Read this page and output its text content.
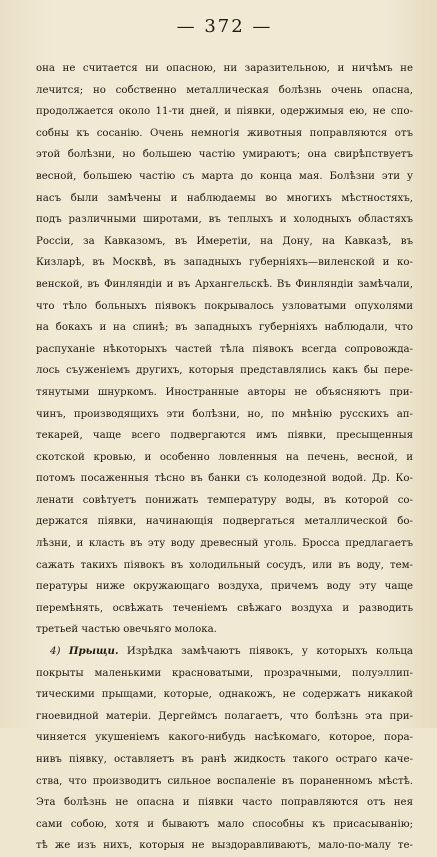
— 372 —
она не считается ни опасною, ни заразительною, и ничѣмъ не
лечится; но собственно металлическая болѣзнь очень опасна,
продолжается около 11-ти дней, и піявки, одержимыя ею, не спо-
собны къ сосанію. Очень немногія животныя поправляются отъ
этой болѣзни, но большею частію умираютъ; она свирѣпствуетъ
весной, большею частію съ марта до конца мая. Болѣзни эти у
насъ были замѣчены и наблюдаемы во многихъ мѣстностяхъ,
подъ различными широтами, въ теплыхъ и холодныхъ областяхъ
Россіи, за Кавказомъ, въ Имеретіи, на Дону, на Кавказѣ, въ
Кизларѣ, въ Москвѣ, въ западныхъ губерніяхъ—виленской и ко-
венской, въ Финляндіи и въ Архангельскѣ. Въ Финляндіи замѣчали,
что тѣло больныхъ піявокъ покрывалось узловатыми опухолями
на бокахъ и на спинѣ; въ западныхъ губерніяхъ наблюдали, что
распуханіе нѣкоторыхъ частей тѣла піявокъ всегда сопровожда-
лось съуженіемъ другихъ, которыя представлялись какъ бы пере-
тянутыми шнуркомъ. Иностранные авторы не объясняютъ при-
чинъ, производящихъ эти болѣзни, но, по мнѣнію русскихъ ап-
текарей, чаще всего подвергаются имъ піявки, пресыщенныя
скотской кровью, и особенно ловленныя на печень, весной, и
потомъ посаженныя тѣсно въ банки съ колодезной водой. Др. Ко-
ленати совѣтуетъ понижать температуру воды, въ которой со-
держатся піявки, начинающія подвергаться металлической бо-
лѣзни, и класть въ эту воду древесный уголь. Бросса предлагаетъ
сажать такихъ піявокъ въ холодильный сосудъ, или въ воду, тем-
пературы ниже окружающаго воздуха, причемъ воду эту чаще
перемѣнять, освѣжать теченіемъ свѣжаго воздуха и разводить
третьей частью овечьяго молока.
4) Прыщи. Изрѣдка замѣчаютъ піявокъ, у которыхъ кольца
покрыты маленькими красноватыми, прозрачными, полуэллип-
тическими прыщами, которые, однакожъ, не содержатъ никакой
гноевидной матеріи. Дергеймсъ полагаетъ, что болѣзнь эта при-
чиняется укушеніемъ какого-нибудь насѣкомаго, которое, пора-
нивъ піявку, оставляетъ въ ранѣ жидкость такого остраго каче-
ства, что производитъ сильное воспаленіе въ пораненномъ мѣстѣ.
Эта болѣзнь не опасна и піявки часто поправляются отъ нея
сами собою, хотя и бываютъ мало способны къ присасыванію;
тѣ же изъ нихъ, которыя не выздоравливаютъ, мало-по-малу те-
